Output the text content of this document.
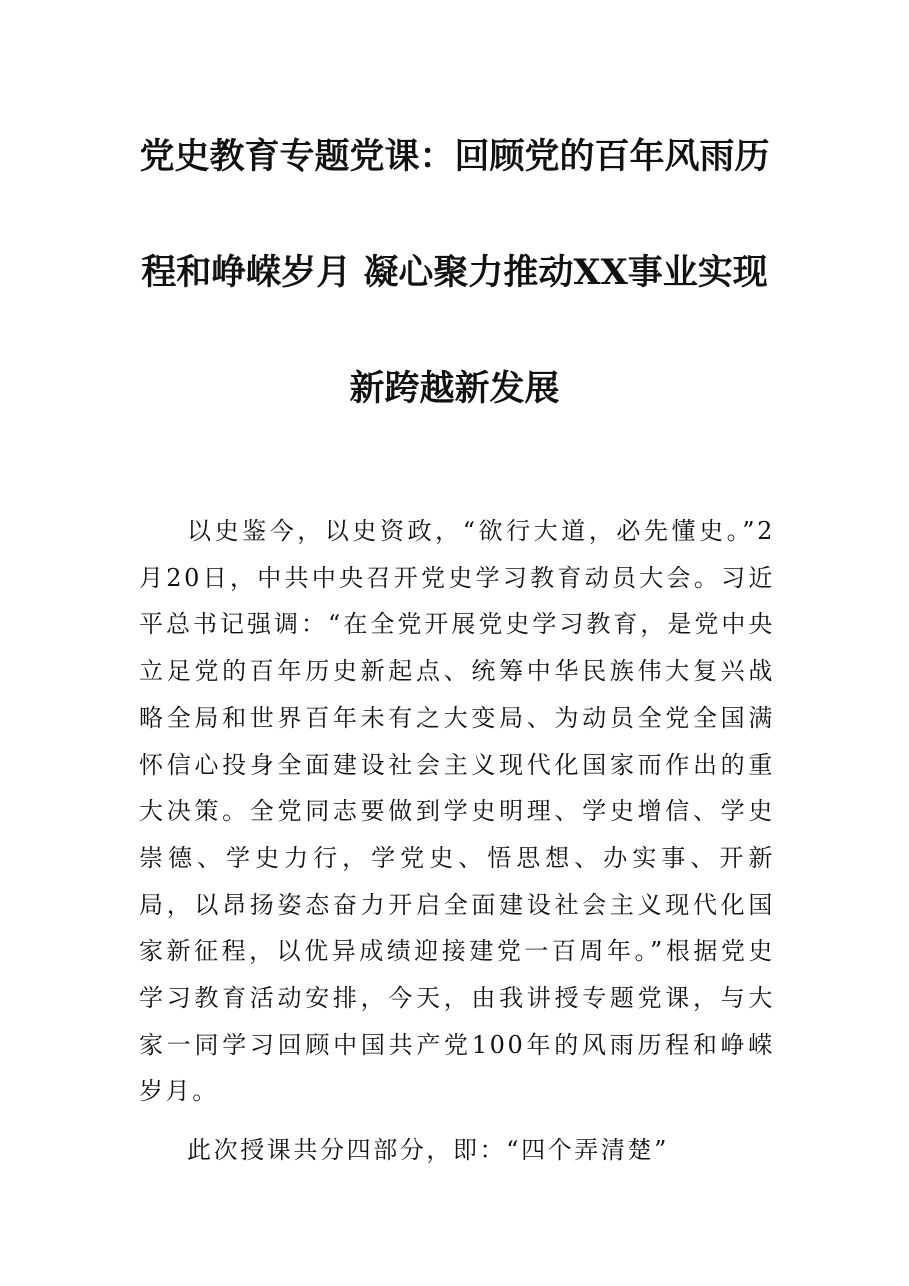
党史教育专题党课：回顾党的百年风雨历
程和峥嵘岁月 凝心聚力推动XX事业实现
新跨越新发展

以史鉴今，以史资政，“欲行大道，必先懂史。”2月20日，中共中央召开党史学习教育动员大会。习近平总书记强调：“在全党开展党史学习教育，是党中央立足党的百年历史新起点、统筹中华民族伟大复兴战略全局和世界百年未有之大变局、为动员全党全国满怀信心投身全面建设社会主义现代化国家而作出的重大决策。全党同志要做到学史明理、学史增信、学史崇德、学史力行，学党史、悟思想、办实事、开新局，以昂扬姿态奋力开启全面建设社会主义现代化国家新征程，以优异成绩迎接建党一百周年。”根据党史学习教育活动安排，今天，由我讲授专题党课，与大家一同学习回顾中国共产党100年的风雨历程和峥嵘岁月。

此次授课共分四部分，即：“四个弄清楚”
